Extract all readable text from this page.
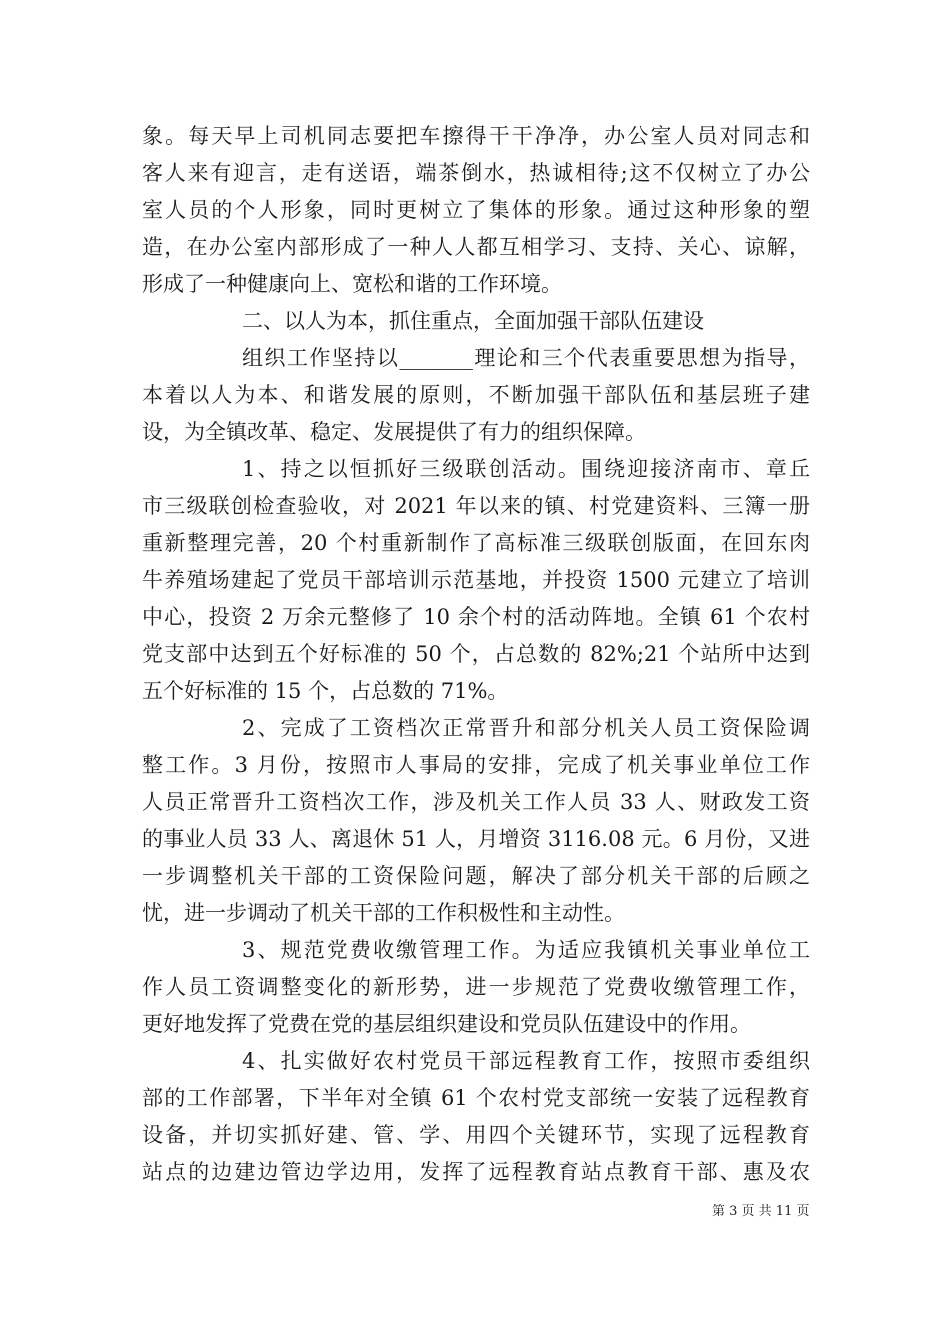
象。每天早上司机同志要把车擦得干干净净，办公室人员对同志和
客人来有迎言，走有送语，端茶倒水，热诚相待;这不仅树立了办公
室人员的个人形象，同时更树立了集体的形象。通过这种形象的塑
造，在办公室内部形成了一种人人都互相学习、支持、关心、谅解，
形成了一种健康向上、宽松和谐的工作环境。
二、以人为本，抓住重点，全面加强干部队伍建设
组织工作坚持以_______理论和三个代表重要思想为指导，
本着以人为本、和谐发展的原则，不断加强干部队伍和基层班子建
设，为全镇改革、稳定、发展提供了有力的组织保障。
1、持之以恒抓好三级联创活动。围绕迎接济南市、章丘
市三级联创检查验收，对 2021 年以来的镇、村党建资料、三簿一册
重新整理完善，20 个村重新制作了高标准三级联创版面，在回东肉
牛养殖场建起了党员干部培训示范基地，并投资 1500 元建立了培训
中心，投资 2 万余元整修了 10 余个村的活动阵地。全镇 61 个农村
党支部中达到五个好标准的 50 个，占总数的 82%;21 个站所中达到
五个好标准的 15 个，占总数的 71%。
2、完成了工资档次正常晋升和部分机关人员工资保险调
整工作。3 月份，按照市人事局的安排，完成了机关事业单位工作
人员正常晋升工资档次工作，涉及机关工作人员 33 人、财政发工资
的事业人员 33 人、离退休 51 人，月增资 3116.08 元。6 月份，又进
一步调整机关干部的工资保险问题，解决了部分机关干部的后顾之
忧，进一步调动了机关干部的工作积极性和主动性。
3、规范党费收缴管理工作。为适应我镇机关事业单位工
作人员工资调整变化的新形势，进一步规范了党费收缴管理工作，
更好地发挥了党费在党的基层组织建设和党员队伍建设中的作用。
4、扎实做好农村党员干部远程教育工作，按照市委组织
部的工作部署，下半年对全镇 61 个农村党支部统一安装了远程教育
设备，并切实抓好建、管、学、用四个关键环节，实现了远程教育
站点的边建边管边学边用，发挥了远程教育站点教育干部、惠及农
第 3 页 共 11 页
